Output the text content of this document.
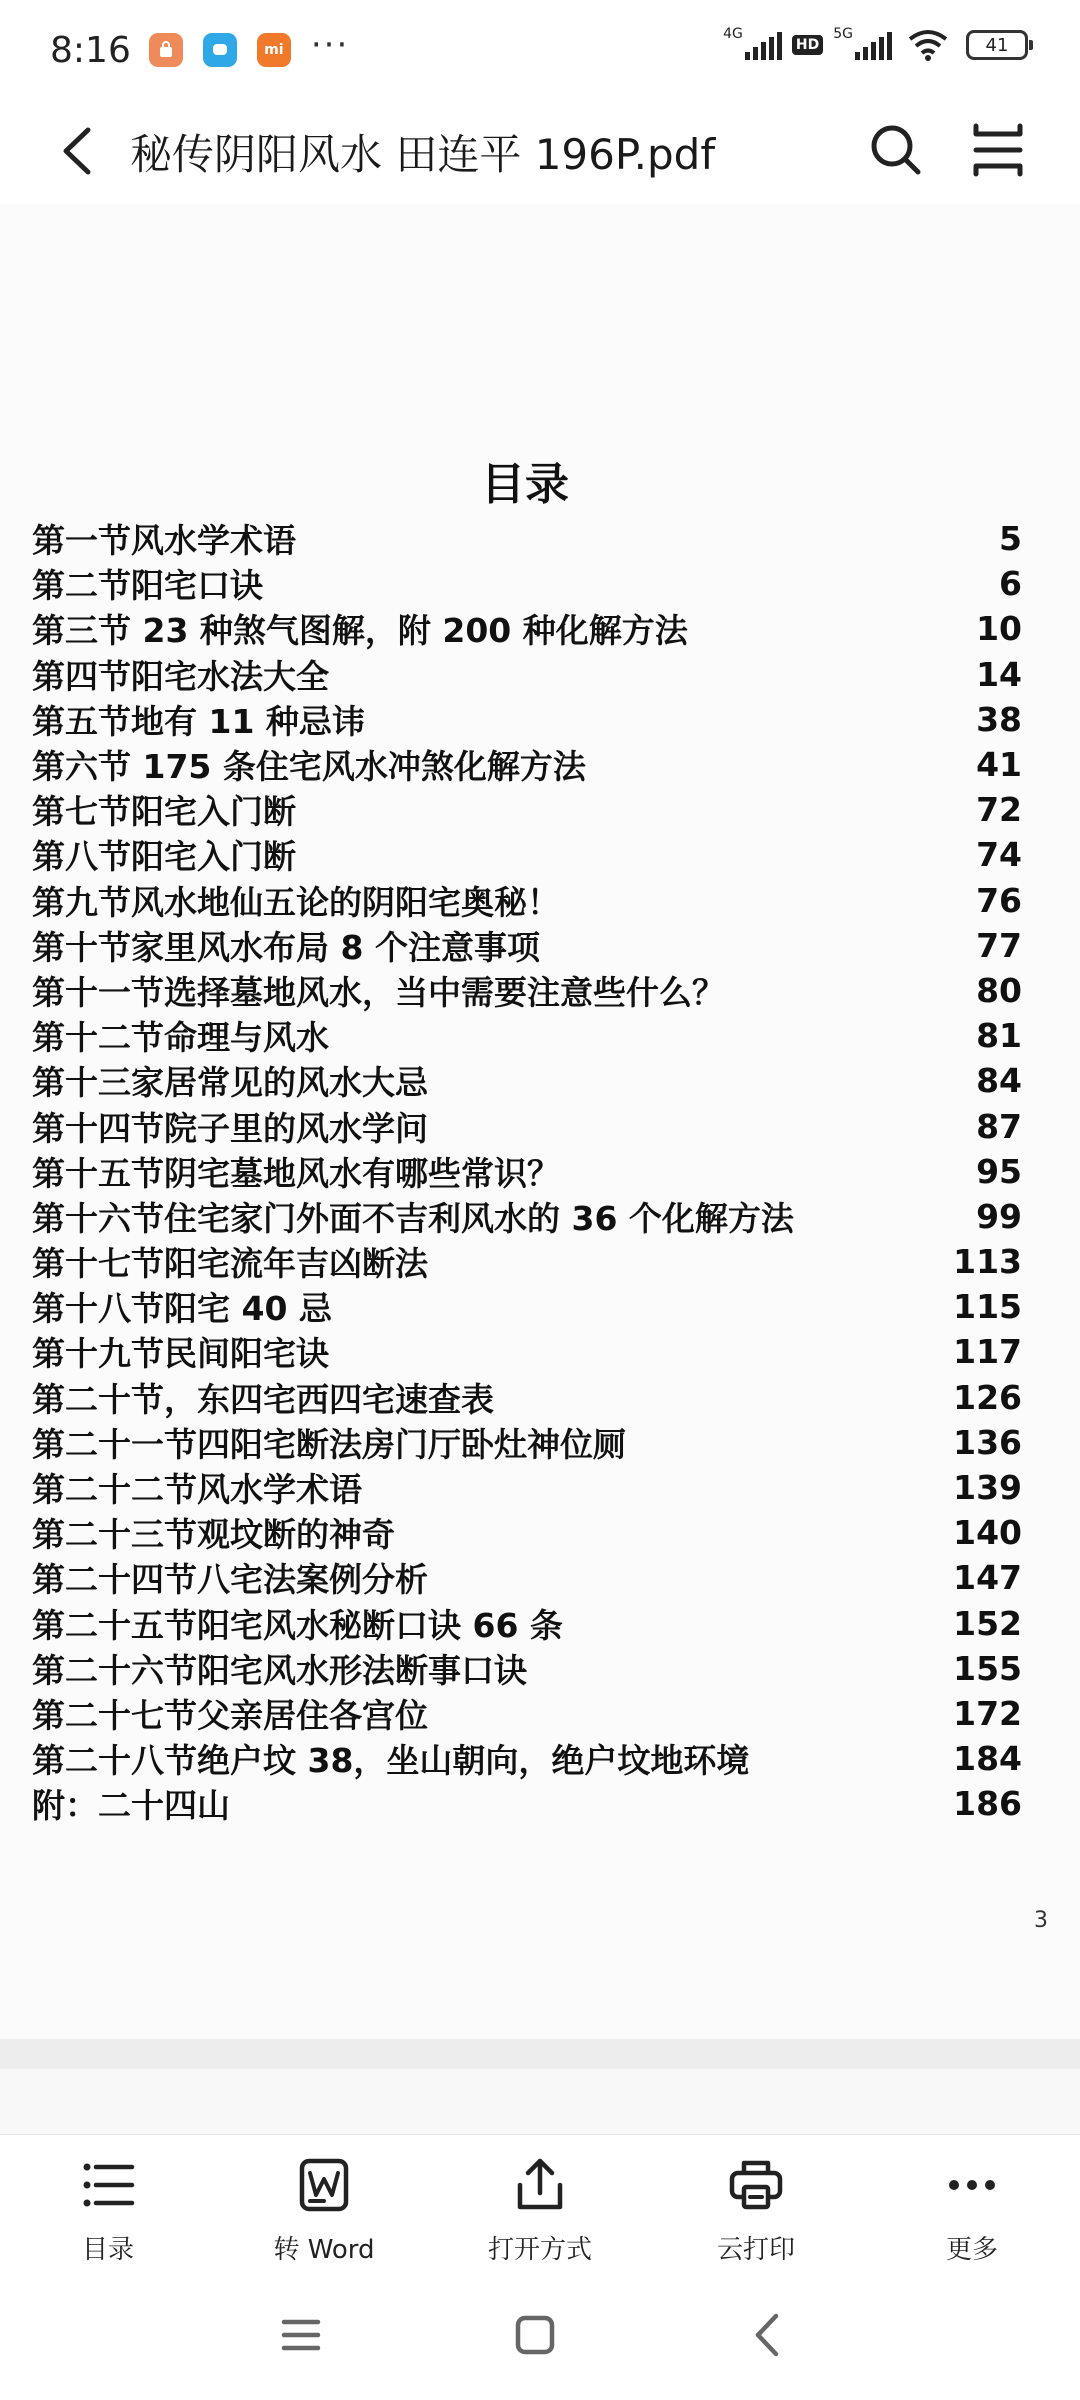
8:16	mi ···	4G
HD
5G
41
秘传阴阳风水 田连平 196P.pdf
目录
第一节风水学术语	5
第二节阳宅口诀	6
第三节 23 种煞气图解，附 200 种化解方法	10
第四节阳宅水法大全	14
第五节地有 11 种忌讳	38
第六节 175 条住宅风水冲煞化解方法	41
第七节阳宅入门断	72
第八节阳宅入门断	74
第九节风水地仙五论的阴阳宅奥秘！	76
第十节家里风水布局 8 个注意事项	77
第十一节选择墓地风水，当中需要注意些什么？	80
第十二节命理与风水	81
第十三家居常见的风水大忌	84
第十四节院子里的风水学问	87
第十五节阴宅墓地风水有哪些常识？	95
第十六节住宅家门外面不吉利风水的 36 个化解方法	99
第十七节阳宅流年吉凶断法	113
第十八节阳宅 40 忌	115
第十九节民间阳宅诀	117
第二十节，东四宅西四宅速查表	126
第二十一节四阳宅断法房门厅卧灶神位厕	136
第二十二节风水学术语	139
第二十三节观坟断的神奇	140
第二十四节八宅法案例分析	147
第二十五节阳宅风水秘断口诀 66 条	152
第二十六节阳宅风水形法断事口诀	155
第二十七节父亲居住各宫位	172
第二十八节绝户坟 38，坐山朝向，绝户坟地环境	184
附：二十四山	186
3
目录	转 Word	打开方式	云打印	更多
